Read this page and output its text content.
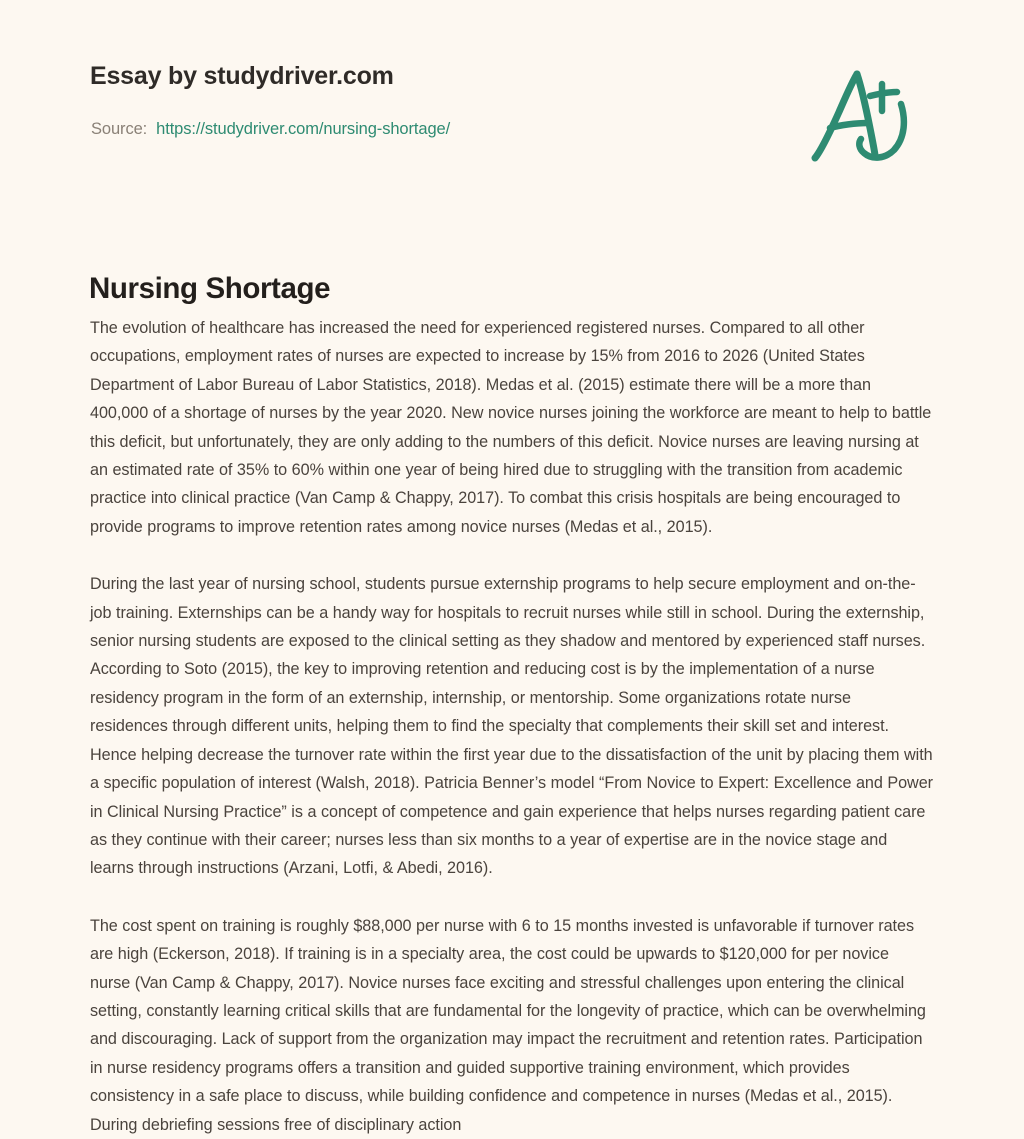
Essay by studydriver.com
Source: https://studydriver.com/nursing-shortage/
Nursing Shortage

The evolution of healthcare has increased the need for experienced registered nurses. Compared to all other occupations, employment rates of nurses are expected to increase by 15% from 2016 to 2026 (United States Department of Labor Bureau of Labor Statistics, 2018). Medas et al. (2015) estimate there will be a more than 400,000 of a shortage of nurses by the year 2020. New novice nurses joining the workforce are meant to help to battle this deficit, but unfortunately, they are only adding to the numbers of this deficit. Novice nurses are leaving nursing at an estimated rate of 35% to 60% within one year of being hired due to struggling with the transition from academic practice into clinical practice (Van Camp & Chappy, 2017). To combat this crisis hospitals are being encouraged to provide programs to improve retention rates among novice nurses (Medas et al., 2015).

During the last year of nursing school, students pursue externship programs to help secure employment and on-the-job training. Externships can be a handy way for hospitals to recruit nurses while still in school. During the externship, senior nursing students are exposed to the clinical setting as they shadow and mentored by experienced staff nurses. According to Soto (2015), the key to improving retention and reducing cost is by the implementation of a nurse residency program in the form of an externship, internship, or mentorship. Some organizations rotate nurse residences through different units, helping them to find the specialty that complements their skill set and interest. Hence helping decrease the turnover rate within the first year due to the dissatisfaction of the unit by placing them with a specific population of interest (Walsh, 2018). Patricia Benner’s model “From Novice to Expert: Excellence and Power in Clinical Nursing Practice” is a concept of competence and gain experience that helps nurses regarding patient care as they continue with their career; nurses less than six months to a year of expertise are in the novice stage and learns through instructions (Arzani, Lotfi, & Abedi, 2016).

The cost spent on training is roughly $88,000 per nurse with 6 to 15 months invested is unfavorable if turnover rates are high (Eckerson, 2018). If training is in a specialty area, the cost could be upwards to $120,000 for per novice nurse (Van Camp & Chappy, 2017). Novice nurses face exciting and stressful challenges upon entering the clinical setting, constantly learning critical skills that are fundamental for the longevity of practice, which can be overwhelming and discouraging. Lack of support from the organization may impact the recruitment and retention rates. Participation in nurse residency programs offers a transition and guided supportive training environment, which provides consistency in a safe place to discuss, while building confidence and competence in nurses (Medas et al., 2015). During debriefing sessions free of disciplinary action
